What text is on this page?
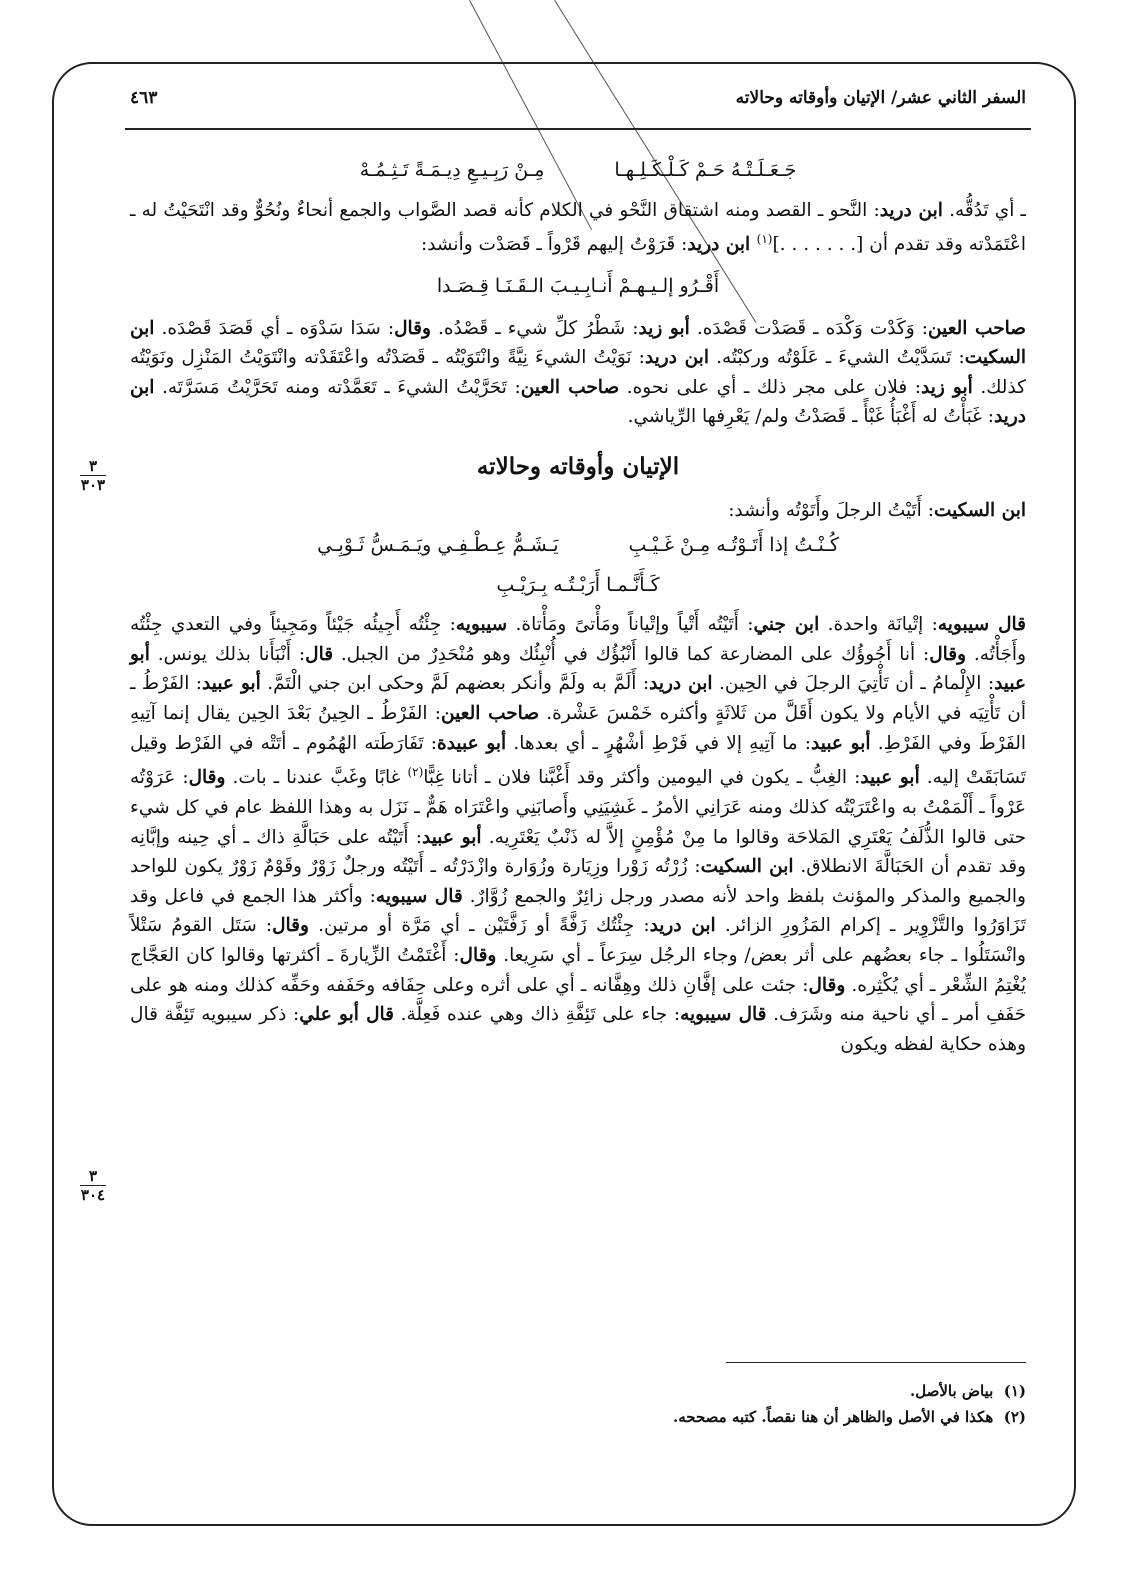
السفر الثاني عشر/ الإتيان وأوقاته وحالاته
٤٦٣
جَـعَـلَـتْـهُ حَـمْ كَـلْـكَـلِـهـا
مِـنْ رَبِـيـعِ دِيـمَـةً تَـثِـمُـهْ

ـ أي تَدُقُّه. ابن دريد: النَّحو ـ القصد ومنه اشتقاق النَّحْو في الكلام كأنه قصد الصَّواب والجمع أنحاءٌ ونُحُوٌّ وقد انْتَحَيْتُ له ـ اعْتَمَدْته وقد تقدم أن [. . . . . . .]$^{(١)}$ ابن دريد: قَرَوْتُ إليهم قَرْواً ـ قَصَدْت وأنشد:

أَقْـرُو إلـيـهـمْ أَنـابِـيـبَ الـقَـنَـا قِـصَـدا

صاحب العين: وَكَدْت وَكْدَه ـ قَصَدْت قَصْدَه. أبو زيد: شَطْرُ كلِّ شيء ـ قَصْدُه. وقال: سَدَا سَدْوَه ـ أي قَصَدَ قَصْدَه. ابن السكيت: تَسَدَّيْتُ الشيءَ ـ عَلَوْتُه وركبْتُه. ابن دريد: نَوَيْتُ الشيءَ نِيَّةً وانْتَوَيْتُه ـ قَصَدْتُه واعْتَقَدْته وانْتَوَيْتُ المَنْزِل ونَوَيْتُه كذلك. أبو زيد: فلان على مجر ذلك ـ أي على نحوه. صاحب العين: تَحَرَّيْتُ الشيءَ ـ تَعَمَّدْته ومنه تَحَرَّيْتُ مَسَرَّتَه. ابن دريد: غَبَأْتُ له أَغْبَأُ غَبْأً ـ قَصَدْتُ ولم/ يَعْرِفها الرِّياشي.

الإتيان وأوقاته وحالاته

ابن السكيت: أَتَيْتُ الرجلَ وأَتَوْتُه وأنشد:

كُـنْـتُ إذا أَتَـوْتُـه مِـنْ غَـيْـبِ
يَـشَـمُّ عِـطْـفِـي ويَـمَـسُّ ثَـوْبِـي
كَـأَنَّـمـا أَرَبْـتُـه بِـرَيْـبِ

قال سيبويه: إتْيانَة واحدة. ابن جني: أَتَيْتُه أَتْياً وإتْياناً ومَأْتىً ومَأْتاة. سيبويه: جِئْتُه أَجِيئُه جَيْئاً ومَجِيئاً وفي التعدي جِئْتُه وأَجَأْتُه. وقال: أنا أَجُوؤُك على المضارعة كما قالوا أَنْبُؤُك في أُنْبِئُك وهو مُنْحَدِرٌ من الجبل. قال: أَنْبَأَنا بذلك يونس. أبو عبيد: الإِلْمامُ ـ أن تَأْتِيَ الرجلَ في الحِين. ابن دريد: أَلَمَّ به ولَمَّ وأنكر بعضهم لَمَّ وحكى ابن جني الْتَمَّ. أبو عبيد: الفَرْطُ ـ أن تَأْتِيَه في الأيام ولا يكون أَقَلَّ من ثَلاثَةٍ وأكثره خَمْسَ عَشْرة. صاحب العين: الفَرْطُ ـ الحِينُ بَعْدَ الحِين يقال إنما آتِيهِ الفَرْطَ وفي الفَرْطِ. أبو عبيد: ما آتِيهِ إلا في فَرْطِ أشْهُرٍ ـ أي بعدها. أبو عبيدة: تَفَارَطَته الهُمُوم ـ أتَتْه في الفَرْط وقيل تَسَابَقَتْ إليه. أبو عبيد: الغِبُّ ـ يكون في اليومين وأكثر وقد أَغْبَّنا فلان ـ أتانا غِبًّا$^{(٢)}$ غابًا وغَبَّ عندنا ـ بات. وقال: عَرَوْتُه عَرْواً ـ أَلْمَمْتُ به واعْتَرَيْتُه كذلك ومنه عَرَانِي الأمرُ ـ غَشِيَنِي وأَصابَنِي واعْتَرَاه هَمٌّ ـ نَزَل به وهذا اللفظ عام في كل شيء حتى قالوا الذُّلَفُ يَعْتَرِي المَلاحَة وقالوا ما مِنْ مُؤْمِنٍ إلاَّ له ذَنْبٌ يَعْتَرِيه. أبو عبيد: أَتَيْتُه على حَبَالَّةِ ذاك ـ أي حِينه وإبَّانِه وقد تقدم أن الحَبَالَّةَ الانطلاق. ابن السكيت: زُرْتُه زَوْرا وزِيَارة وزُوَارة وازْدَرْتُه ـ أَتَيْتُه ورجلٌ زَوْرٌ وقَوْمٌ زَوْرٌ يكون للواحد والجميع والمذكر والمؤنث بلفظ واحد لأنه مصدر ورجل زائِرٌ والجمع زُوَّارٌ. قال سيبويه: وأكثر هذا الجمع في فاعل وقد تَزَاوَرُوا والتَّزْوِير ـ إكرام المَزُورِ الزائر. ابن دريد: جِئْتُك زَفَّةً أو زَفَّتَيْن ـ أي مَرَّة أو مرتين. وقال: سَتَل القومُ سَتْلاً وانْسَتَلُوا ـ جاء بعضُهم على أثر بعض/ وجاء الرجُل سِرَعاً ـ أي سَرِيعا. وقال: أَغْتَمْتُ الزِّيارةَ ـ أكثرتها وقالوا كان العَجَّاج يُغْتِمُ الشِّعْر ـ أي يُكْثِره. وقال: جئت على إفَّانِ ذلك وهِفَّانه ـ أي على أثره وعلى حِفَافه وحَفَفه وحَفِّه كذلك ومنه هو على حَفَفِ أمر ـ أي ناحية منه وشَرَف. قال سيبويه: جاء على تَئِفَّةِ ذاك وهي عنده فَعِلَّة. قال أبو علي: ذكر سيبويه تَئِفَّة قال وهذه حكاية لفظه ويكون

٣
٣٠٣
٣
٣٠٤
(١)  بياض بالأصل.
(٢)  هكذا في الأصل والظاهر أن هنا نقصاً. كتبه مصححه.
